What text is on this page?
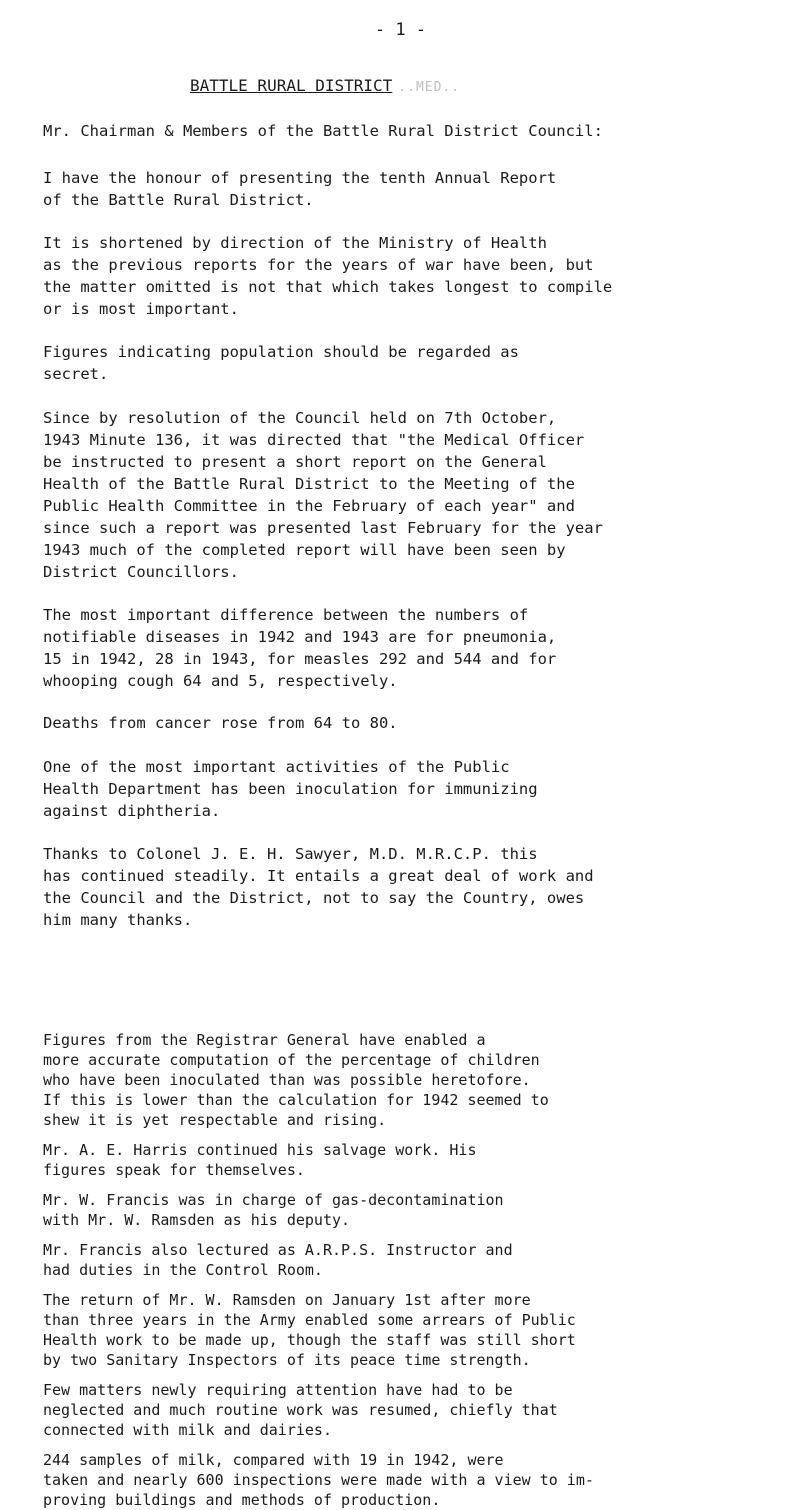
- 1 -
BATTLE RURAL DISTRICT ..MED..

Mr. Chairman & Members of the Battle Rural District Council:

I have the honour of presenting the tenth Annual Report
of the Battle Rural District.

It is shortened by direction of the Ministry of Health
as the previous reports for the years of war have been, but
the matter omitted is not that which takes longest to compile
or is most important.

Figures indicating population should be regarded as
secret.

Since by resolution of the Council held on 7th October,
1943 Minute 136, it was directed that "the Medical Officer
be instructed to present a short report on the General
Health of the Battle Rural District to the Meeting of the
Public Health Committee in the February of each year" and
since such a report was presented last February for the year
1943 much of the completed report will have been seen by
District Councillors.

The most important difference between the numbers of
notifiable diseases in 1942 and 1943 are for pneumonia,
15 in 1942, 28 in 1943, for measles 292 and 544 and for
whooping cough 64 and 5, respectively.

Deaths from cancer rose from 64 to 80.

One of the most important activities of the Public
Health Department has been inoculation for immunizing
against diphtheria.

Thanks to Colonel J. E. H. Sawyer, M.D. M.R.C.P. this
has continued steadily. It entails a great deal of work and
the Council and the District, not to say the Country, owes
him many thanks.

Figures from the Registrar General have enabled a
more accurate computation of the percentage of children
who have been inoculated than was possible heretofore.
If this is lower than the calculation for 1942 seemed to
shew it is yet respectable and rising.

Mr. A. E. Harris continued his salvage work. His
figures speak for themselves.

Mr. W. Francis was in charge of gas-decontamination
with Mr. W. Ramsden as his deputy.

Mr. Francis also lectured as A.R.P.S. Instructor and
had duties in the Control Room.

The return of Mr. W. Ramsden on January 1st after more
than three years in the Army enabled some arrears of Public
Health work to be made up, though the staff was still short
by two Sanitary Inspectors of its peace time strength.

Few matters newly requiring attention have had to be
neglected and much routine work was resumed, chiefly that
connected with milk and dairies.

244 samples of milk, compared with 19 in 1942, were
taken and nearly 600 inspections were made with a view to im-
proving buildings and methods of production.
